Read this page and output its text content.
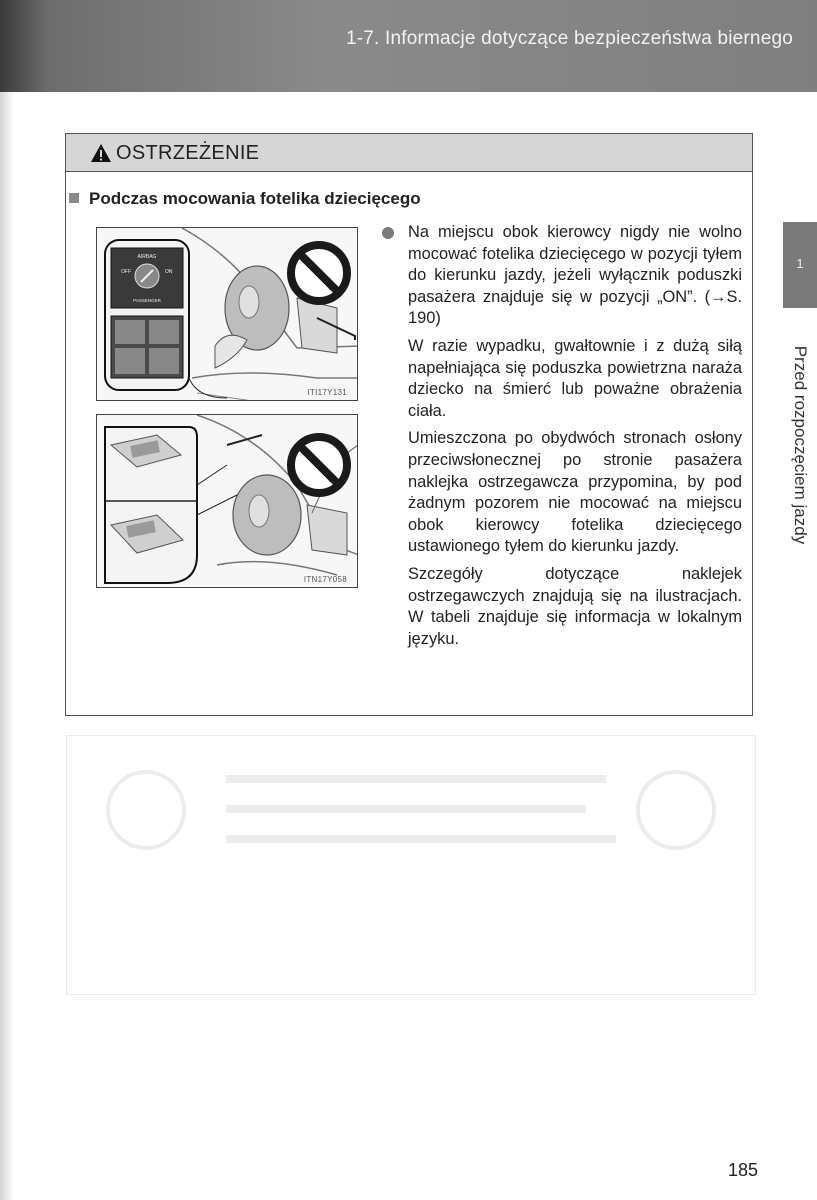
1-7. Informacje dotyczące bezpieczeństwa biernego
OSTRZEŻENIE
Podczas mocowania fotelika dziecięcego
AIRBAG
OFF	ON
PASSENGER
ITI17Y131
ITN17Y058

Na miejscu obok kierowcy nigdy nie wolno mocować fotelika dziecięcego w pozycji tyłem do kierunku jazdy, jeżeli wyłącznik poduszki pasażera znajduje się w pozycji „ON”. (→S. 190)

W razie wypadku, gwałtownie i z dużą siłą napełniająca się poduszka powietrzna naraża dziecko na śmierć lub poważne obrażenia ciała.

Umieszczona po obydwóch stronach osłony przeciwsłonecznej po stronie pasażera naklejka ostrzegawcza przypomina, by pod żadnym pozorem nie mocować na miejscu obok kierowcy fotelika dziecięcego ustawionego tyłem do kierunku jazdy.

Szczegóły dotyczące naklejek ostrzegawczych znajdują się na ilustracjach. W tabeli znajduje się informacja w lokalnym języku.

1
Przed rozpoczęciem jazdy
185
